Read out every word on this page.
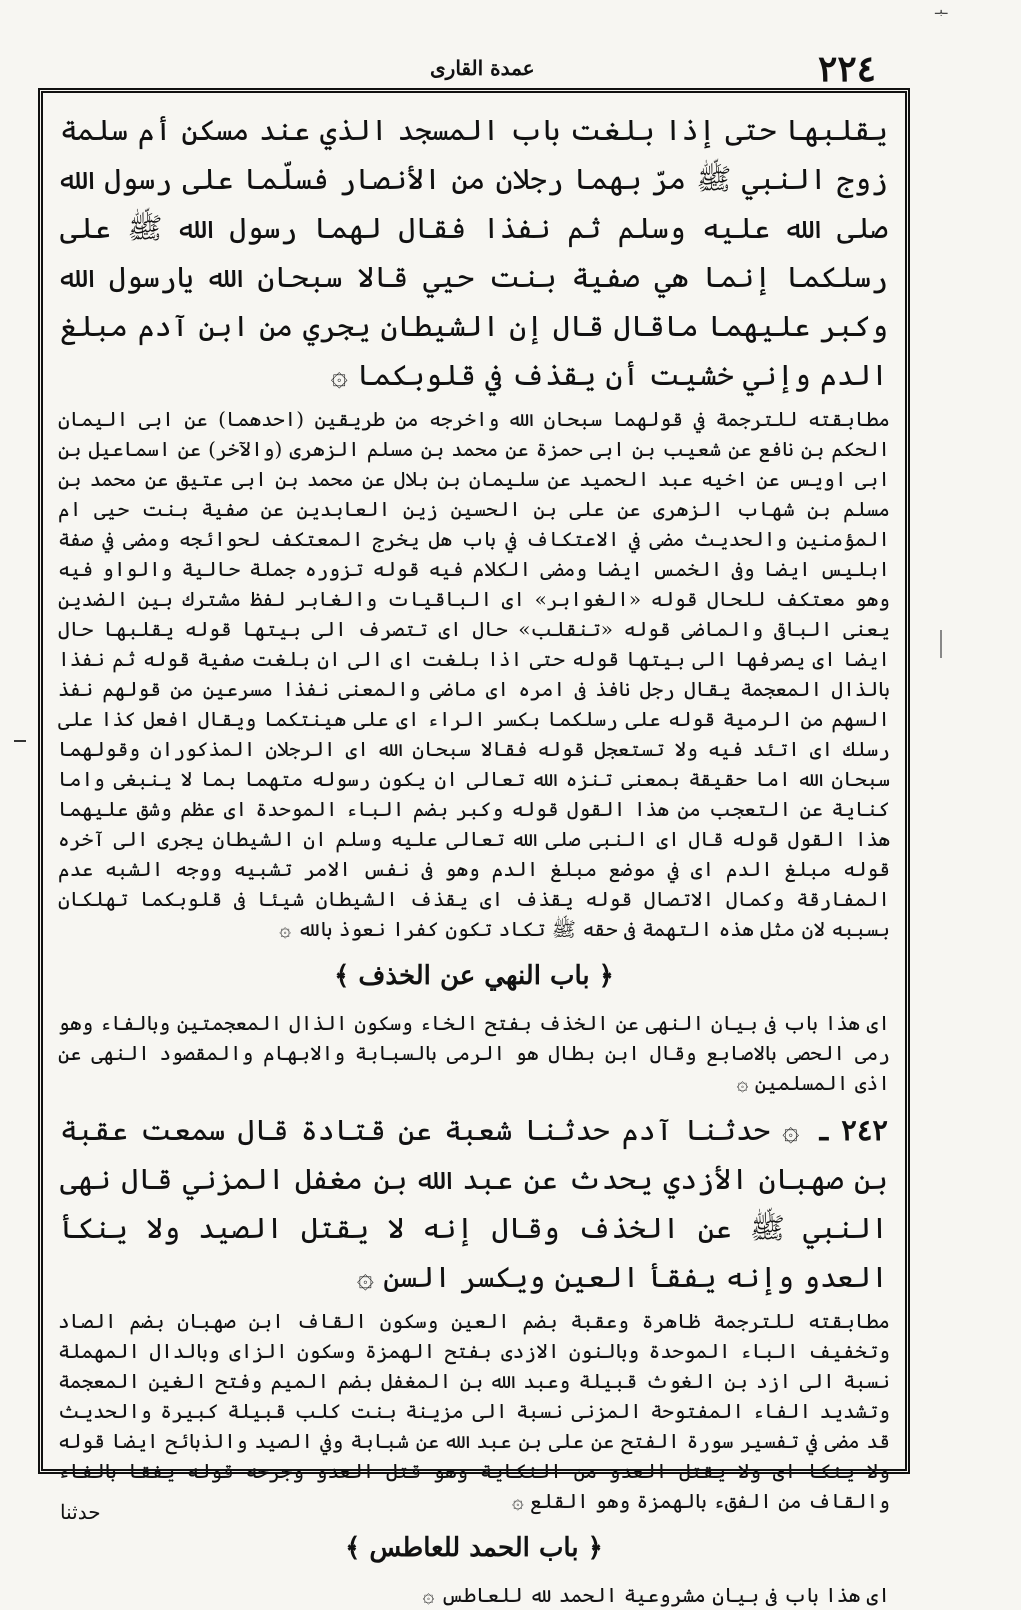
ـبـ
عمدة القاری	٢٢٤

يقلبها حتى إذا بلغت باب المسجد الذي عند مسكن أم سلمة زوج النبي ﷺ مرّ بهما رجلان من الأنصار فسلّما على رسول الله صلى الله عليه وسلم ثم نفذا فقال لهما رسول الله ﷺ على رسلكما إنما هي صفية بنت حيي قالا سبحان الله يارسول الله وكبر عليهما ماقال قال إن الشيطان يجري من ابن آدم مبلغ الدم وإني خشيت أن يقذف في قلوبكما ۞

مطابقته للترجمة في قولهما سبحان الله واخرجه من طريقين (احدهما) عن ابى اليمان الحكم بن نافع عن شعيب بن ابى حمزة عن محمد بن مسلم الزهرى (والآخر) عن اسماعيل بن ابى اويس عن اخيه عبد الحميد عن سليمان بن بلال عن محمد بن ابى عتيق عن محمد بن مسلم بن شهاب الزهرى عن على بن الحسين زين العابدين عن صفية بنت حيى ام المؤمنين والحديث مضى في الاعتكاف في باب هل يخرج المعتكف لحوائجه ومضى في صفة ابليس ايضا وفى الخمس ايضا ومضى الكلام فيه قوله تزوره جملة حالية والواو فيه وهو معتكف للحال قوله «الغوابر» اى الباقيات والغابر لفظ مشترك بين الضدين يعنى الباقى والماضى قوله «تنقلب» حال اى تتصرف الى بيتها قوله يقلبها حال ايضا اى يصرفها الى بيتها قوله حتى اذا بلغت اى الى ان بلغت صفية قوله ثم نفذا بالذال المعجمة يقال رجل نافذ فى امره اى ماضى والمعنى نفذا مسرعين من قولهم نفذ السهم من الرمية قوله على رسلكما بكسر الراء اى على هينتكما ويقال افعل كذا على رسلك اى اتئد فيه ولا تستعجل قوله فقالا سبحان الله اى الرجلان المذكوران وقولهما سبحان الله اما حقيقة بمعنى تنزه الله تعالى ان يكون رسوله متهما بما لا ينبغى واما كناية عن التعجب من هذا القول قوله وكبر بضم الباء الموحدة اى عظم وشق عليهما هذا القول قوله قال اى النبى صلى الله تعالى عليه وسلم ان الشيطان يجرى الى آخره قوله مبلغ الدم اى في موضع مبلغ الدم وهو فى نفس الامر تشبيه ووجه الشبه عدم المفارقة وكمال الاتصال قوله يقذف اى يقذف الشيطان شيئا فى قلوبكما تهلكان بسببه لان مثل هذه التهمة فى حقه ﷺ تكاد تكون كفرا نعوذ بالله ۞

﴿ باب النهي عن الخذف ﴾

اى هذا باب فى بيان النهى عن الخذف بفتح الخاء وسكون الذال المعجمتين وبالفاء وهو رمى الحصى بالاصابع وقال ابن بطال هو الرمى بالسبابة والابهام والمقصود النهى عن اذى المسلمين ۞

٢٤٢ ـ ۞ حدثنا آدم حدثنا شعبة عن قتادة قال سمعت عقبة بن صهبان الأزدي يحدث عن عبد الله بن مغفل المزني قال نهى النبي ﷺ عن الخذف وقال إنه لا يقتل الصيد ولا ينكأ العدو وإنه يفقأ العين ويكسر السن ۞

مطابقته للترجمة ظاهرة وعقبة بضم العين وسكون القاف ابن صهبان بضم الصاد وتخفيف الباء الموحدة وبالنون الازدى بفتح الهمزة وسكون الزاى وبالدال المهملة نسبة الى ازد بن الغوث قبيلة وعبد الله بن المغفل بضم الميم وفتح الغين المعجمة وتشديد الفاء المفتوحة المزنى نسبة الى مزينة بنت كلب قبيلة كبيرة والحديث قد مضى في تفسير سورة الفتح عن على بن عبد الله عن شبابة وفي الصيد والذبائح ايضا قوله ولا ينكا اى ولا يقتل العدو من النكاية وهو قتل العدو وجرحه قوله يفقا بالفاء والقاف من الفقء بالهمزة وهو القلع ۞

﴿ باب الحمد للعاطس ﴾

اى هذا باب فى بيان مشروعية الحمد لله للعاطس ۞

حدثنا
